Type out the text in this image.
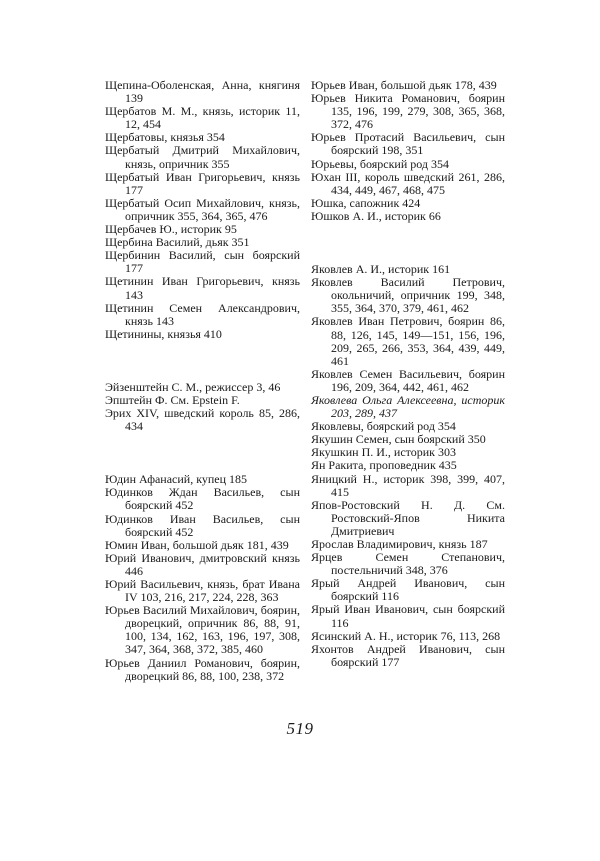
Щепина-Оболенская, Анна, княгиня 139
Щербатов М. М., князь, историк 11, 12, 454
Щербатовы, князья 354
Щербатый Дмитрий Михайлович, князь, опричник 355
Щербатый Иван Григорьевич, князь 177
Щербатый Осип Михайлович, князь, опричник 355, 364, 365, 476
Щербачев Ю., историк 95
Щербина Василий, дьяк 351
Щербинин Василий, сын боярский 177
Щетинин Иван Григорьевич, князь 143
Щетинин Семен Александрович, князь 143
Щетинины, князья 410
Эйзенштейн С. М., режиссер 3, 46
Эпштейн Ф. См. Epstein F.
Эрих XIV, шведский король 85, 286, 434
Юдин Афанасий, купец 185
Юдинков Ждан Васильев, сын боярский 452
Юдинков Иван Васильев, сын боярский 452
Юмин Иван, большой дьяк 181, 439
Юрий Иванович, дмитровский князь 446
Юрий Васильевич, князь, брат Ивана IV 103, 216, 217, 224, 228, 363
Юрьев Василий Михайлович, боярин, дворецкий, опричник 86, 88, 91, 100, 134, 162, 163, 196, 197, 308, 347, 364, 368, 372, 385, 460
Юрьев Даниил Романович, боярин, дворецкий 86, 88, 100, 238, 372
Юрьев Иван, большой дьяк 178, 439
Юрьев Никита Романович, боярин 135, 196, 199, 279, 308, 365, 368, 372, 476
Юрьев Протасий Васильевич, сын боярский 198, 351
Юрьевы, боярский род 354
Юхан III, король шведский 261, 286, 434, 449, 467, 468, 475
Юшка, сапожник 424
Юшков А. И., историк 66
Яковлев А. И., историк 161
Яковлев Василий Петрович, окольничий, опричник 199, 348, 355, 364, 370, 379, 461, 462
Яковлев Иван Петрович, боярин 86, 88, 126, 145, 149—151, 156, 196, 209, 265, 266, 353, 364, 439, 449, 461
Яковлев Семен Васильевич, боярин 196, 209, 364, 442, 461, 462
Яковлева Ольга Алексеевна, историк 203, 289, 437
Яковлевы, боярский род 354
Якушин Семен, сын боярский 350
Якушкин П. И., историк 303
Ян Ракита, проповедник 435
Яницкий Н., историк 398, 399, 407, 415
Япов-Ростовский Н. Д. См. Ростовский-Япов Никита Дмитриевич
Ярослав Владимирович, князь 187
Ярцев Семен Степанович, постельничий 348, 376
Ярый Андрей Иванович, сын боярский 116
Ярый Иван Иванович, сын боярский 116
Ясинский А. Н., историк 76, 113, 268
Яхонтов Андрей Иванович, сын боярский 177
519
